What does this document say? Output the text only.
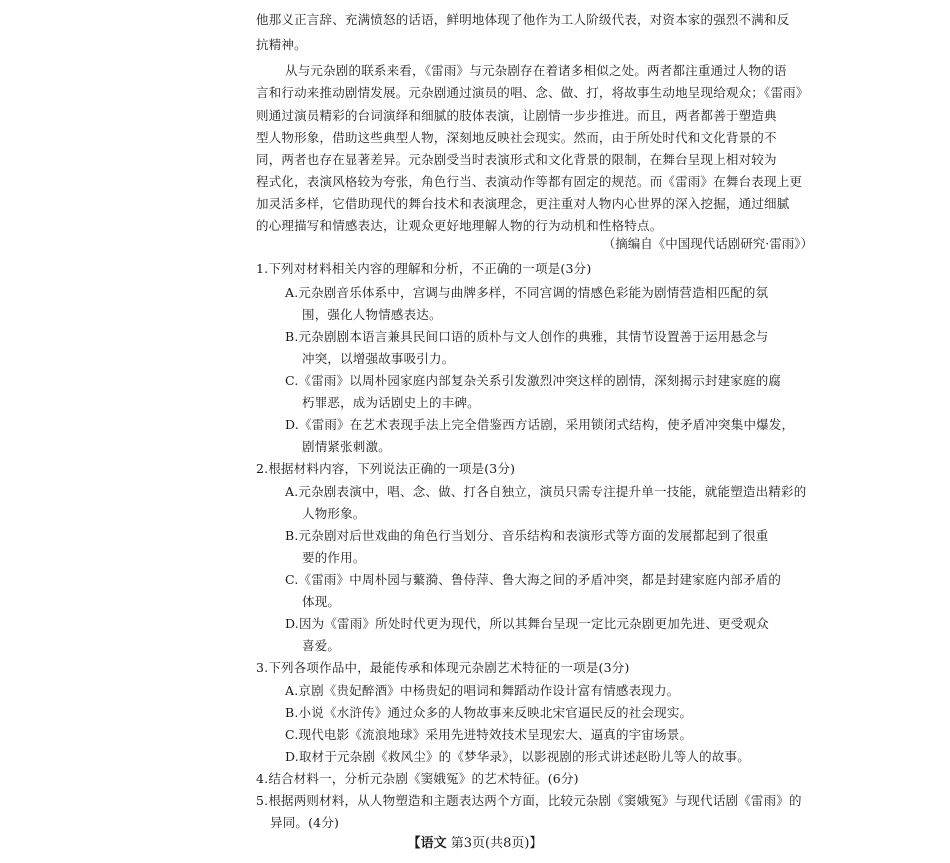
他那义正言辞、充满愤怒的话语，鲜明地体现了他作为工人阶级代表，对资本家的强烈不满和反
抗精神。
从与元杂剧的联系来看，《雷雨》与元杂剧存在着诸多相似之处。两者都注重通过人物的语
言和行动来推动剧情发展。元杂剧通过演员的唱、念、做、打，将故事生动地呈现给观众；《雷雨》
则通过演员精彩的台词演绎和细腻的肢体表演，让剧情一步步推进。而且，两者都善于塑造典
型人物形象，借助这些典型人物，深刻地反映社会现实。然而，由于所处时代和文化背景的不
同，两者也存在显著差异。元杂剧受当时表演形式和文化背景的限制，在舞台呈现上相对较为
程式化，表演风格较为夸张，角色行当、表演动作等都有固定的规范。而《雷雨》在舞台表现上更
加灵活多样，它借助现代的舞台技术和表演理念，更注重对人物内心世界的深入挖掘，通过细腻
的心理描写和情感表达，让观众更好地理解人物的行为动机和性格特点。
（摘编自《中国现代话剧研究·雷雨》）
1.下列对材料相关内容的理解和分析，不正确的一项是(3分)
A.元杂剧音乐体系中，宫调与曲牌多样，不同宫调的情感色彩能为剧情营造相匹配的氛
围，强化人物情感表达。
B.元杂剧剧本语言兼具民间口语的质朴与文人创作的典雅，其情节设置善于运用悬念与
冲突，以增强故事吸引力。
C.《雷雨》以周朴园家庭内部复杂关系引发激烈冲突这样的剧情，深刻揭示封建家庭的腐
朽罪恶，成为话剧史上的丰碑。
D.《雷雨》在艺术表现手法上完全借鉴西方话剧，采用锁闭式结构，使矛盾冲突集中爆发，
剧情紧张刺激。
2.根据材料内容，下列说法正确的一项是(3分)
A.元杂剧表演中，唱、念、做、打各自独立，演员只需专注提升单一技能，就能塑造出精彩的
人物形象。
B.元杂剧对后世戏曲的角色行当划分、音乐结构和表演形式等方面的发展都起到了很重
要的作用。
C.《雷雨》中周朴园与蘩漪、鲁侍萍、鲁大海之间的矛盾冲突，都是封建家庭内部矛盾的
体现。
D.因为《雷雨》所处时代更为现代，所以其舞台呈现一定比元杂剧更加先进、更受观众
喜爱。
3.下列各项作品中，最能传承和体现元杂剧艺术特征的一项是(3分)
A.京剧《贵妃醉酒》中杨贵妃的唱词和舞蹈动作设计富有情感表现力。
B.小说《水浒传》通过众多的人物故事来反映北宋官逼民反的社会现实。
C.现代电影《流浪地球》采用先进特效技术呈现宏大、逼真的宇宙场景。
D.取材于元杂剧《救风尘》的《梦华录》，以影视剧的形式讲述赵盼儿等人的故事。
4.结合材料一，分析元杂剧《窦娥冤》的艺术特征。(6分)
5.根据两则材料，从人物塑造和主题表达两个方面，比较元杂剧《窦娥冤》与现代话剧《雷雨》的
异同。(4分)
【语文 第3页(共8页)】
